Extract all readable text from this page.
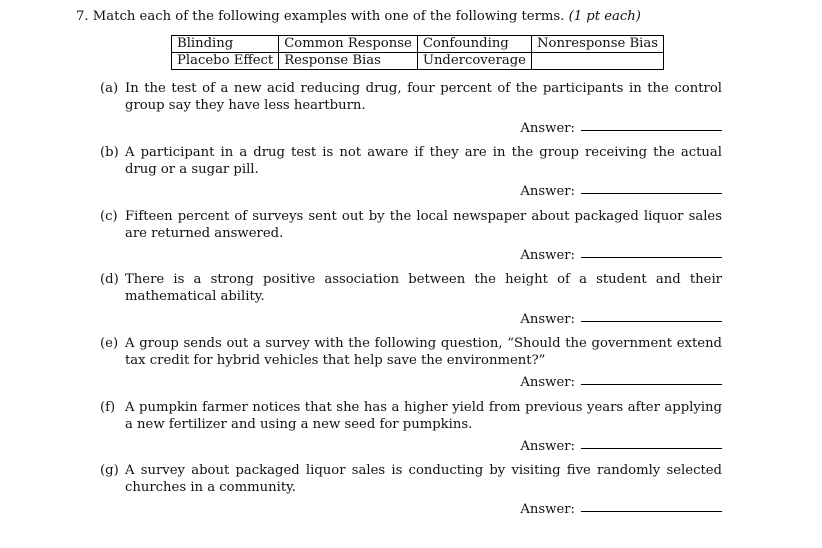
7. Match each of the following examples with one of the following terms. (1 pt each)
Blinding	Common Response	Confounding	Nonresponse Bias
Placebo Effect	Response Bias	Undercoverage	
(a) In the test of a new acid reducing drug, four percent of the participants in the control group say they have less heartburn.
Answer:
(b) A participant in a drug test is not aware if they are in the group receiving the actual drug or a sugar pill.
Answer:
(c) Fifteen percent of surveys sent out by the local newspaper about packaged liquor sales are returned answered.
Answer:
(d) There is a strong positive association between the height of a student and their mathematical ability.
Answer:
(e) A group sends out a survey with the following question, “Should the government extend tax credit for hybrid vehicles that help save the environment?”
Answer:
(f) A pumpkin farmer notices that she has a higher yield from previous years after applying a new fertilizer and using a new seed for pumpkins.
Answer:
(g) A survey about packaged liquor sales is conducting by visiting five randomly selected churches in a community.
Answer:
